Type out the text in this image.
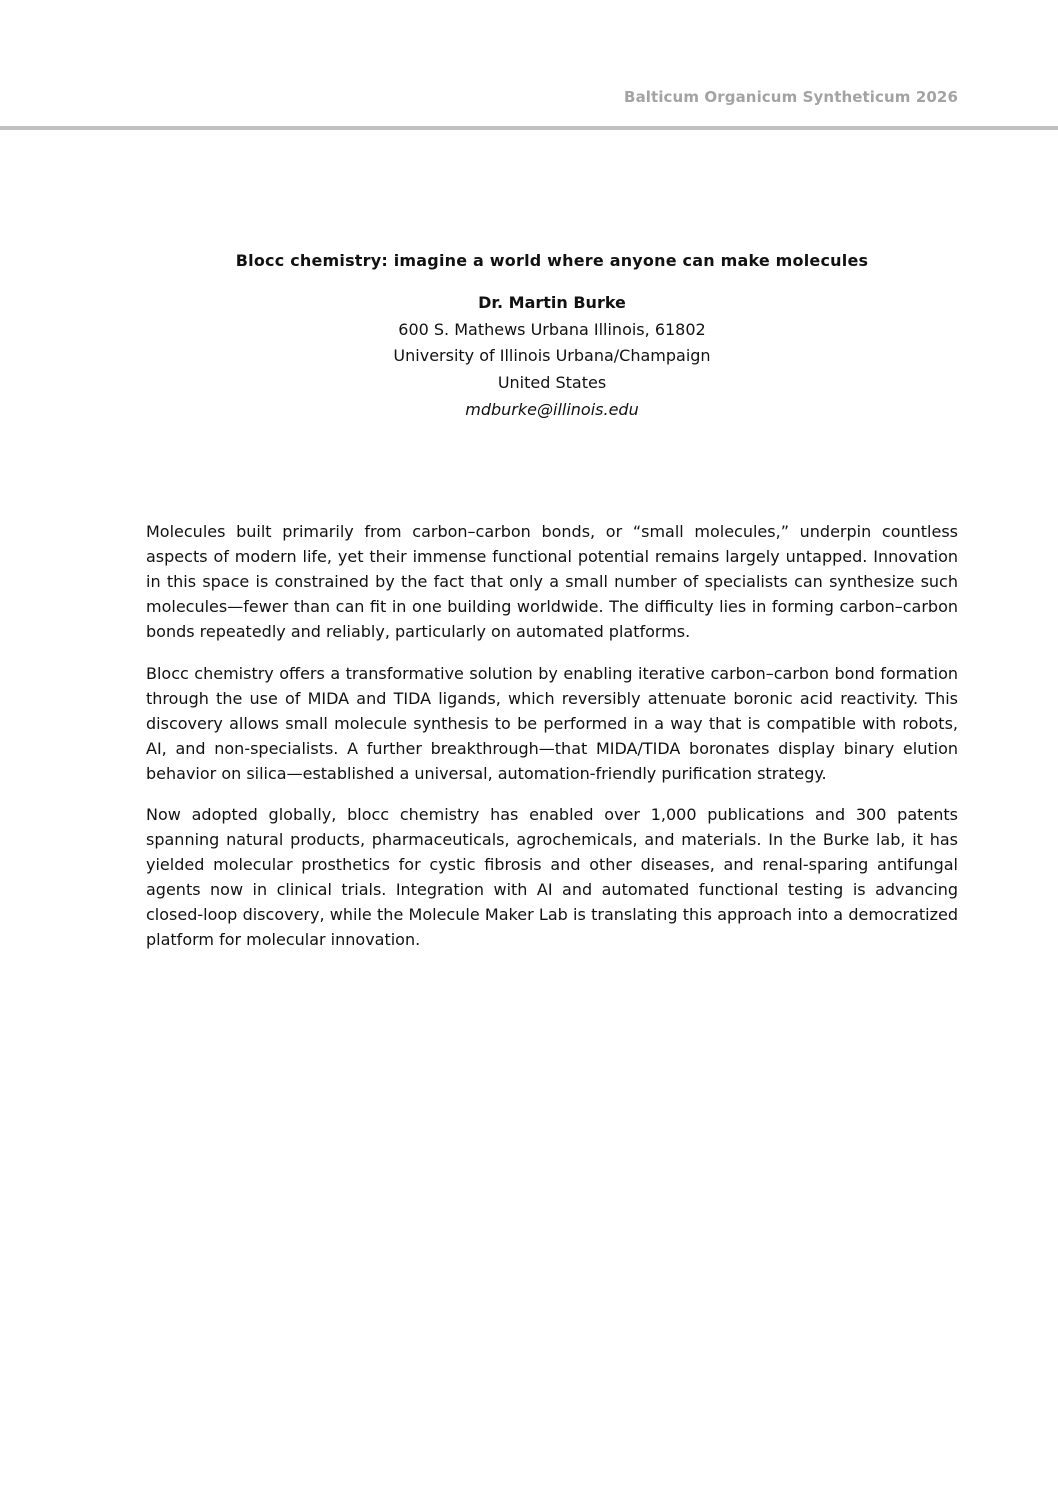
Balticum Organicum Syntheticum 2026
Blocc chemistry: imagine a world where anyone can make molecules
Dr. Martin Burke
600 S. Mathews Urbana Illinois, 61802
University of Illinois Urbana/Champaign
United States
mdburke@illinois.edu

Molecules built primarily from carbon–carbon bonds, or “small molecules,” underpin countless aspects of modern life, yet their immense functional potential remains largely untapped. Innovation in this space is constrained by the fact that only a small number of specialists can synthesize such molecules—fewer than can fit in one building worldwide. The difficulty lies in forming carbon–carbon bonds repeatedly and reliably, particularly on automated platforms.

Blocc chemistry offers a transformative solution by enabling iterative carbon–carbon bond formation through the use of MIDA and TIDA ligands, which reversibly attenuate boronic acid reactivity. This discovery allows small molecule synthesis to be performed in a way that is compatible with robots, AI, and non-specialists. A further breakthrough—that MIDA/TIDA boronates display binary elution behavior on silica—established a universal, automation-friendly purification strategy.

Now adopted globally, blocc chemistry has enabled over 1,000 publications and 300 patents spanning natural products, pharmaceuticals, agrochemicals, and materials. In the Burke lab, it has yielded molecular prosthetics for cystic fibrosis and other diseases, and renal-sparing antifungal agents now in clinical trials. Integration with AI and automated functional testing is advancing closed-loop discovery, while the Molecule Maker Lab is translating this approach into a democratized platform for molecular innovation.
